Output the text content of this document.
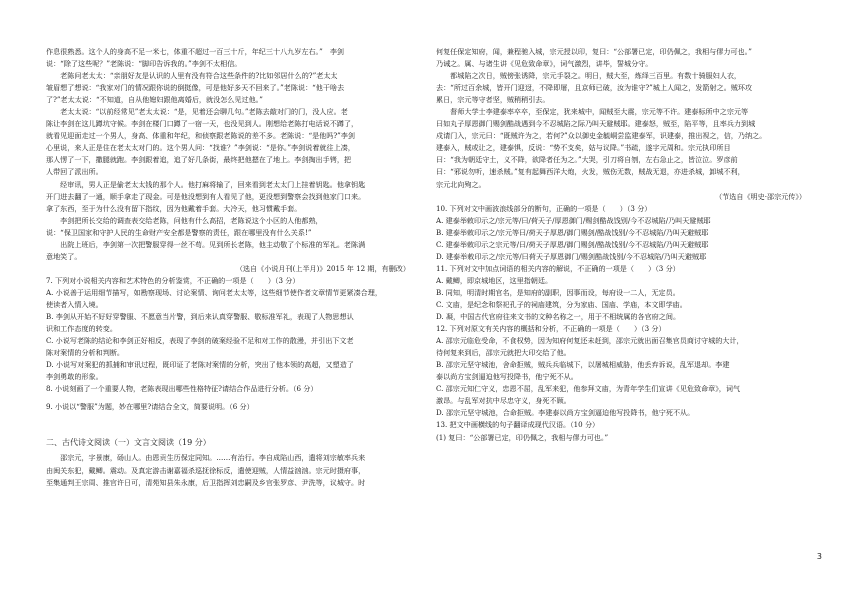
作息很熟悉。这个人的身高不足一米七，体重不超过一百三十斤，年纪三十八九岁左右。”　李剑
说：“除了这些呢？”老陈说：“脚印告诉我的。”李剑不太相信。
　　老陈问老太太：“亲朋好友是认识的人里有没有符合这些条件的?比如邻居什么的?”老太太
皱眉想了想说：“我家对门的情况跟你说的倒挺像，可是他好多天不回来了。”老陈说：“他干啥去
了?”老太太说：“不知道，自从他媳妇跟他离婚后，就没怎么见过他。”
　　老太太说：“以前经常见”老太太说：“是，见着还会聊几句。”老陈去敲对门的门，没人应。老
陈让李剑在这儿蹲坑守候。李剑在楼门口蹲了一宿一天，也没见到人。刚想给老陈打电话说不蹲了，
就看见迎面走过一个男人，身高、体重和年纪，和侦察跟老陈说的差不多。老陈说：“是他吗?”李剑
心里说，来人正是住在老太太对门的。这个男人问：“找谁？”李剑说：“是你。”李剑说着就往上凑，
那人愣了一下，撒腿就跑。李剑跟着追，追了好几条街，最终把他摁在了地上。李剑掏出手铐，把
人带回了派出所。
　　经审讯，男人正是偷老太太钱的那个人。他打麻将输了，回来看到老太太门上挂着钥匙。他拿钥匙
开门进去翻了一通，顺手拿走了现金。可是他没想到有人看见了他，更没想到警察会找到他家门口来。
拿了东西，至于为什么没有留下指纹，因为他戴着手套。大冷天，他习惯戴手套。
　　李剑把所长交给的调查表交给老陈，问他有什么高招，老陈说这个小区的人他都熟，
说：“保卫国家和守护人民的生命财产安全都是警察的责任，跟在哪里没有什么关系!”
　　出院上班后，李剑第一次把警服穿得一丝不苟。见到所长老陈，他主动敬了个标准的军礼。老陈满
意地笑了。
　　　　　　　　　　（选自《小说月刊(上半月)》2015 年 12 期，有删改）
7. 下列对小说相关内容和艺术特色的分析鉴赏，不正确的一项是（　　）（3 分）
A. 小说善于运用细节描写，如勘察现场、讨论案情、询问老太太等，这些细节使作者文章情节更紧凑合理，
使读者入情入境。
B. 李剑从开始不好好穿警服、不愿意当片警，到后来认真穿警服、敬标准军礼，表现了人物思想认
识和工作态度的转变。
C. 小说写老陈的结论和李剑正好相反，表现了李剑的破案经验不足和对工作的散漫，并引出下文老
陈对案情的分析和判断。
D. 小说写对案犯的抓捕和审讯过程，既印证了老陈对案情的分析，突出了他本领的高超，又塑造了
李剑勇敢的形象。
8. 小说刻画了一个重要人物，老陈表现出哪些性格特征?请结合作品进行分析。（6 分）
9. 小说以“警服”为题，妙在哪里?请结合全文，简要说明。（6 分）
二、古代诗文阅读（一）文言文阅读（19 分）
　　邵宗元，字景康，砀山人。由恩贡生历保定同知。……有治行。李自成陷山西，遣将刘宗敏率兵来
由闽关东犯，戴鲫。震动。及真定游击谢嘉福杀巡抚徐标反，遣使迎贼，人情益汹汹。宗元时摄府事，
至集通判王宗周、推官许日可，清苑知县朱永康，后卫指挥刘忠嗣及乡官张罗彦、尹洗等，议城守。时
何复任保定知府，闻，兼程驰入城，宗元授以印，复曰：“公部署已定，印仍佩之，我相与僇力可也。”
乃诫之。属、与诸生讲《见危致命章》，词气激烈，讲毕，誓城分守。
　　都城陷之次日，贼傍张诱降，宗元手裂之。明日，贼大至，炼绎三百里。有数十骑服妇人衣，
去：“所过百余城，皆开门迎迓，不降即屠，且京师已破，汝为谁守?”城上人闻之，发箭射之。贼环攻
累日，宗元等守者坚，贼稍稍引去。
　　督师大学士李建泰率卒卒，至保定，犹来城中，闻贼至大震，宗元等不许。建泰标所中之宗元等
曰如丸子厚恩御门赐剑酷战遇到今不忍城陷之际乃叫天避贼耶。建泰怒，贼至，陷平等，且率兵力到城
戍请门入，宗元曰：“既贼许为之，若何?”众以御史金毓峒尝监建泰军，识建泰，推出视之，信，乃纳之。
建泰入，贼或让之，建泰惧，反说：“势不支矣，姑与议降。”书疏，遂字元周和。宗元执印所目
曰：“我为朝廷守土，义不降，欲降者任为之。”大哭，引刀将自刎，左右急止之，皆泣泣。罗彦前
曰：“邪说勿听，速杀贼。”复有起舞西洋大炮，火发，贼伤无数，贼战无退，亦进杀城，卸城不利，
宗元北向殉之。
　　　　　　　　　　　　　　　　　　　　　　　　　　（节选自《明史·邵宗元传》）
10. 下列对文中画波浪线部分的断句，正确的一项是（　　）（3 分）
A. 建泰举敕印示之/宗元等/曰/荷天子/厚恩御门/赐剑酷战饯别/今不忍城陷/乃叫天避贼耶
B. 建泰举敕印示之/宗元等曰/荷天子厚恩/御门赐剑/酷战饯别/今不忍城陷/乃叫天避贼耶
C. 建泰举敕印示之宗元等/曰/荷天子厚恩/御门赐剑/酷战饯别/今不忍城陷/乃叫天避贼耶
D. 建泰举敕印示之/宗元等/曰荷天子厚恩御门/赐剑酷战饯别/今不忍城陷/乃叫天避贼耶
11. 下列对文中加点词语的相关内容的解说，不正确的一项是（　　）（3 分）
A. 戴鲫，即京城地区，这里指朝廷。
B. 同知，明清时期官名，是知府的副职，因事而设，每府设一二人，无定员。
C. 文庙，是纪念和祭祀孔子的祠庙建筑，分为家庙、国庙、学庙，本文即学庙。
D. 凝，中国古代官府往来文书的文种名称之一，用于不相统属的各官府之间。
12. 下列对原文有关内容的概括和分析，不正确的一项是（　　）（3 分）
A. 邵宗元临危受命，不食权势，因为知府何复还未赶到，邵宗元就出面召集官员商讨守城的大计，
待何复来到后，邵宗元就把大印交给了他。
B. 邵宗元坚守城池，舍命拒贼，贼兵兵临城下，以屠城相威胁，他丢弃诉说，乱军退却。李建
泰以尚方宝剑逼迫他写投降书，他宁死不从。
C. 邵宗元知仁守义，忠恩不屈，乱军来犯，他参拜文庙，为青年学生们宣讲《见危致命章》，词气
激昂。与乱军对抗中尽忠守义，身死不顾。
D. 邵宗元坚守城池，合命拒贼。李建泰以尚方宝剑逼迫他写投降书，他宁死不从。
13. 把文中画横线的句子翻译成现代汉语。（10 分）
(1) 复曰：“公部署已定，印仍佩之，我相与僇力可也。”
3
